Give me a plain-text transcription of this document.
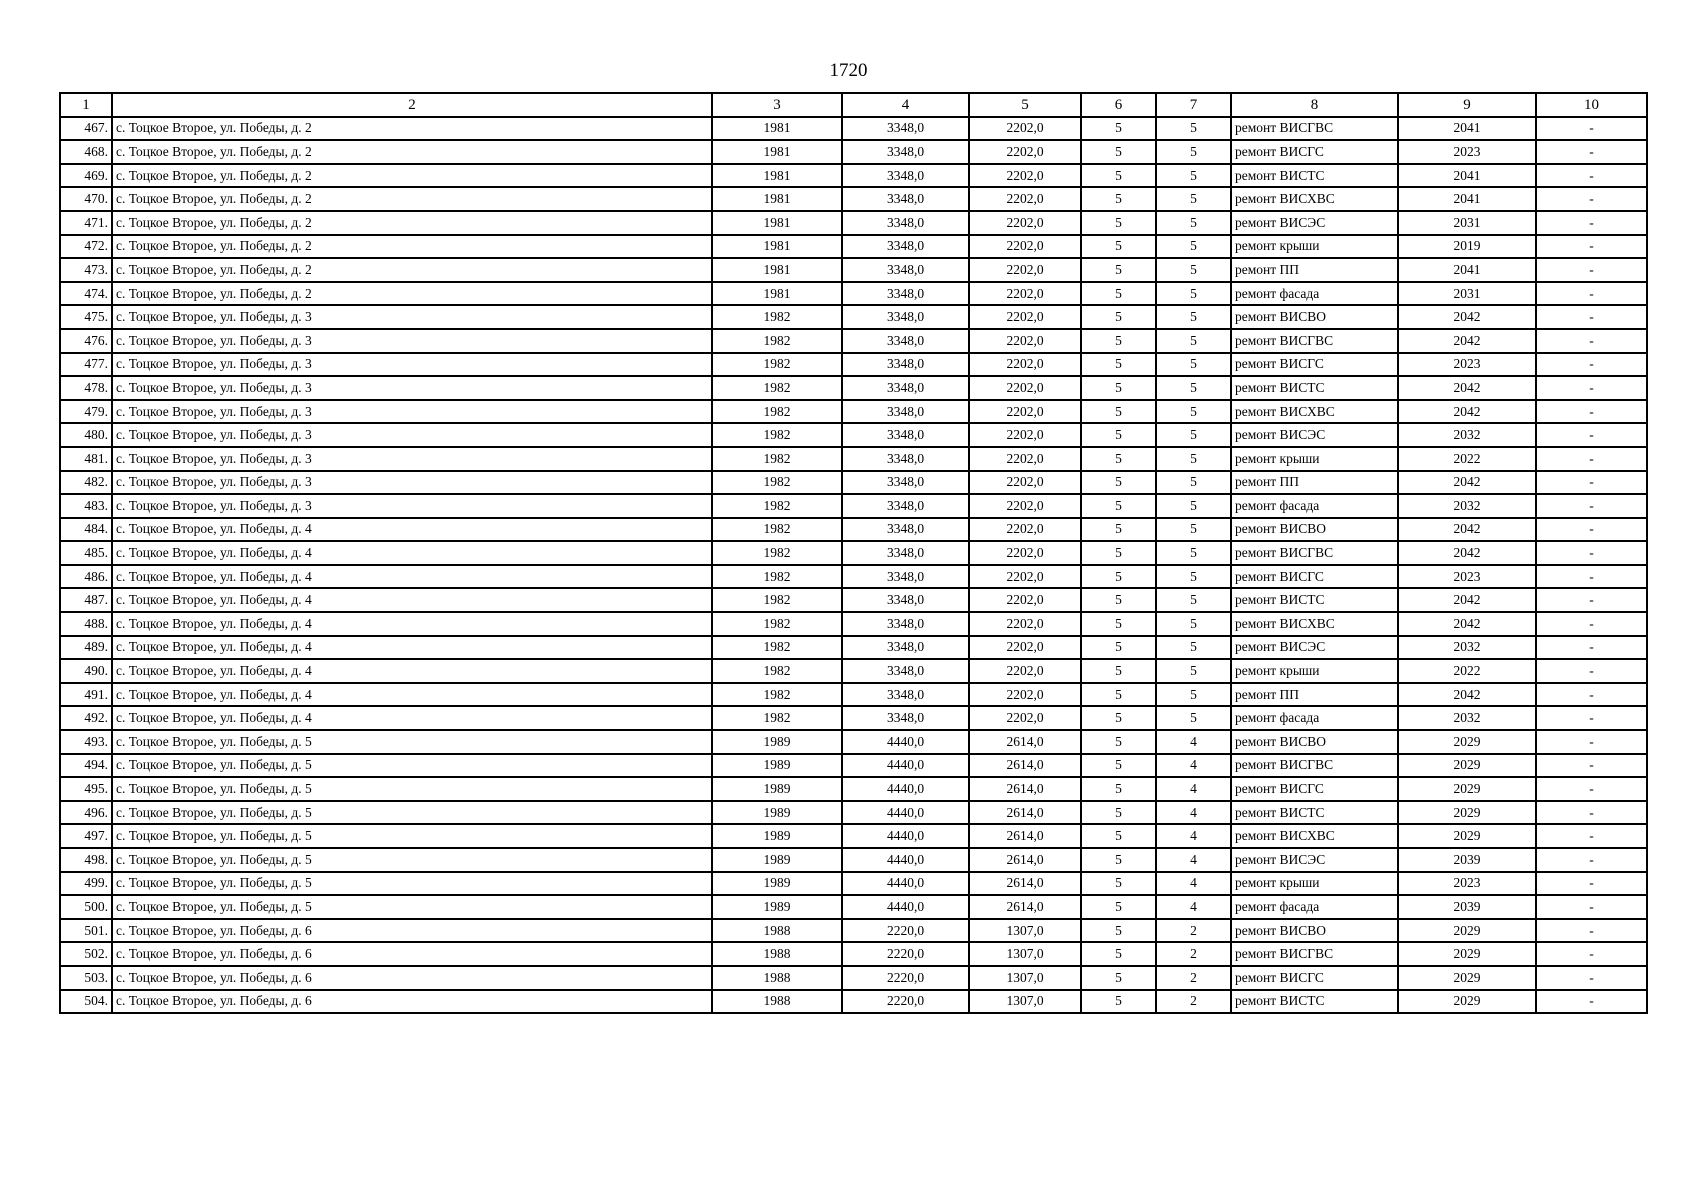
1720
1	2	3	4	5	6	7	8	9	10
467.	с. Тоцкое Второе, ул. Победы, д. 2	1981	3348,0	2202,0	5	5	ремонт ВИСГВС	2041	-
468.	с. Тоцкое Второе, ул. Победы, д. 2	1981	3348,0	2202,0	5	5	ремонт ВИСГС	2023	-
469.	с. Тоцкое Второе, ул. Победы, д. 2	1981	3348,0	2202,0	5	5	ремонт ВИСТС	2041	-
470.	с. Тоцкое Второе, ул. Победы, д. 2	1981	3348,0	2202,0	5	5	ремонт ВИСХВС	2041	-
471.	с. Тоцкое Второе, ул. Победы, д. 2	1981	3348,0	2202,0	5	5	ремонт ВИСЭС	2031	-
472.	с. Тоцкое Второе, ул. Победы, д. 2	1981	3348,0	2202,0	5	5	ремонт крыши	2019	-
473.	с. Тоцкое Второе, ул. Победы, д. 2	1981	3348,0	2202,0	5	5	ремонт ПП	2041	-
474.	с. Тоцкое Второе, ул. Победы, д. 2	1981	3348,0	2202,0	5	5	ремонт фасада	2031	-
475.	с. Тоцкое Второе, ул. Победы, д. 3	1982	3348,0	2202,0	5	5	ремонт ВИСВО	2042	-
476.	с. Тоцкое Второе, ул. Победы, д. 3	1982	3348,0	2202,0	5	5	ремонт ВИСГВС	2042	-
477.	с. Тоцкое Второе, ул. Победы, д. 3	1982	3348,0	2202,0	5	5	ремонт ВИСГС	2023	-
478.	с. Тоцкое Второе, ул. Победы, д. 3	1982	3348,0	2202,0	5	5	ремонт ВИСТС	2042	-
479.	с. Тоцкое Второе, ул. Победы, д. 3	1982	3348,0	2202,0	5	5	ремонт ВИСХВС	2042	-
480.	с. Тоцкое Второе, ул. Победы, д. 3	1982	3348,0	2202,0	5	5	ремонт ВИСЭС	2032	-
481.	с. Тоцкое Второе, ул. Победы, д. 3	1982	3348,0	2202,0	5	5	ремонт крыши	2022	-
482.	с. Тоцкое Второе, ул. Победы, д. 3	1982	3348,0	2202,0	5	5	ремонт ПП	2042	-
483.	с. Тоцкое Второе, ул. Победы, д. 3	1982	3348,0	2202,0	5	5	ремонт фасада	2032	-
484.	с. Тоцкое Второе, ул. Победы, д. 4	1982	3348,0	2202,0	5	5	ремонт ВИСВО	2042	-
485.	с. Тоцкое Второе, ул. Победы, д. 4	1982	3348,0	2202,0	5	5	ремонт ВИСГВС	2042	-
486.	с. Тоцкое Второе, ул. Победы, д. 4	1982	3348,0	2202,0	5	5	ремонт ВИСГС	2023	-
487.	с. Тоцкое Второе, ул. Победы, д. 4	1982	3348,0	2202,0	5	5	ремонт ВИСТС	2042	-
488.	с. Тоцкое Второе, ул. Победы, д. 4	1982	3348,0	2202,0	5	5	ремонт ВИСХВС	2042	-
489.	с. Тоцкое Второе, ул. Победы, д. 4	1982	3348,0	2202,0	5	5	ремонт ВИСЭС	2032	-
490.	с. Тоцкое Второе, ул. Победы, д. 4	1982	3348,0	2202,0	5	5	ремонт крыши	2022	-
491.	с. Тоцкое Второе, ул. Победы, д. 4	1982	3348,0	2202,0	5	5	ремонт ПП	2042	-
492.	с. Тоцкое Второе, ул. Победы, д. 4	1982	3348,0	2202,0	5	5	ремонт фасада	2032	-
493.	с. Тоцкое Второе, ул. Победы, д. 5	1989	4440,0	2614,0	5	4	ремонт ВИСВО	2029	-
494.	с. Тоцкое Второе, ул. Победы, д. 5	1989	4440,0	2614,0	5	4	ремонт ВИСГВС	2029	-
495.	с. Тоцкое Второе, ул. Победы, д. 5	1989	4440,0	2614,0	5	4	ремонт ВИСГС	2029	-
496.	с. Тоцкое Второе, ул. Победы, д. 5	1989	4440,0	2614,0	5	4	ремонт ВИСТС	2029	-
497.	с. Тоцкое Второе, ул. Победы, д. 5	1989	4440,0	2614,0	5	4	ремонт ВИСХВС	2029	-
498.	с. Тоцкое Второе, ул. Победы, д. 5	1989	4440,0	2614,0	5	4	ремонт ВИСЭС	2039	-
499.	с. Тоцкое Второе, ул. Победы, д. 5	1989	4440,0	2614,0	5	4	ремонт крыши	2023	-
500.	с. Тоцкое Второе, ул. Победы, д. 5	1989	4440,0	2614,0	5	4	ремонт фасада	2039	-
501.	с. Тоцкое Второе, ул. Победы, д. 6	1988	2220,0	1307,0	5	2	ремонт ВИСВО	2029	-
502.	с. Тоцкое Второе, ул. Победы, д. 6	1988	2220,0	1307,0	5	2	ремонт ВИСГВС	2029	-
503.	с. Тоцкое Второе, ул. Победы, д. 6	1988	2220,0	1307,0	5	2	ремонт ВИСГС	2029	-
504.	с. Тоцкое Второе, ул. Победы, д. 6	1988	2220,0	1307,0	5	2	ремонт ВИСТС	2029	-
